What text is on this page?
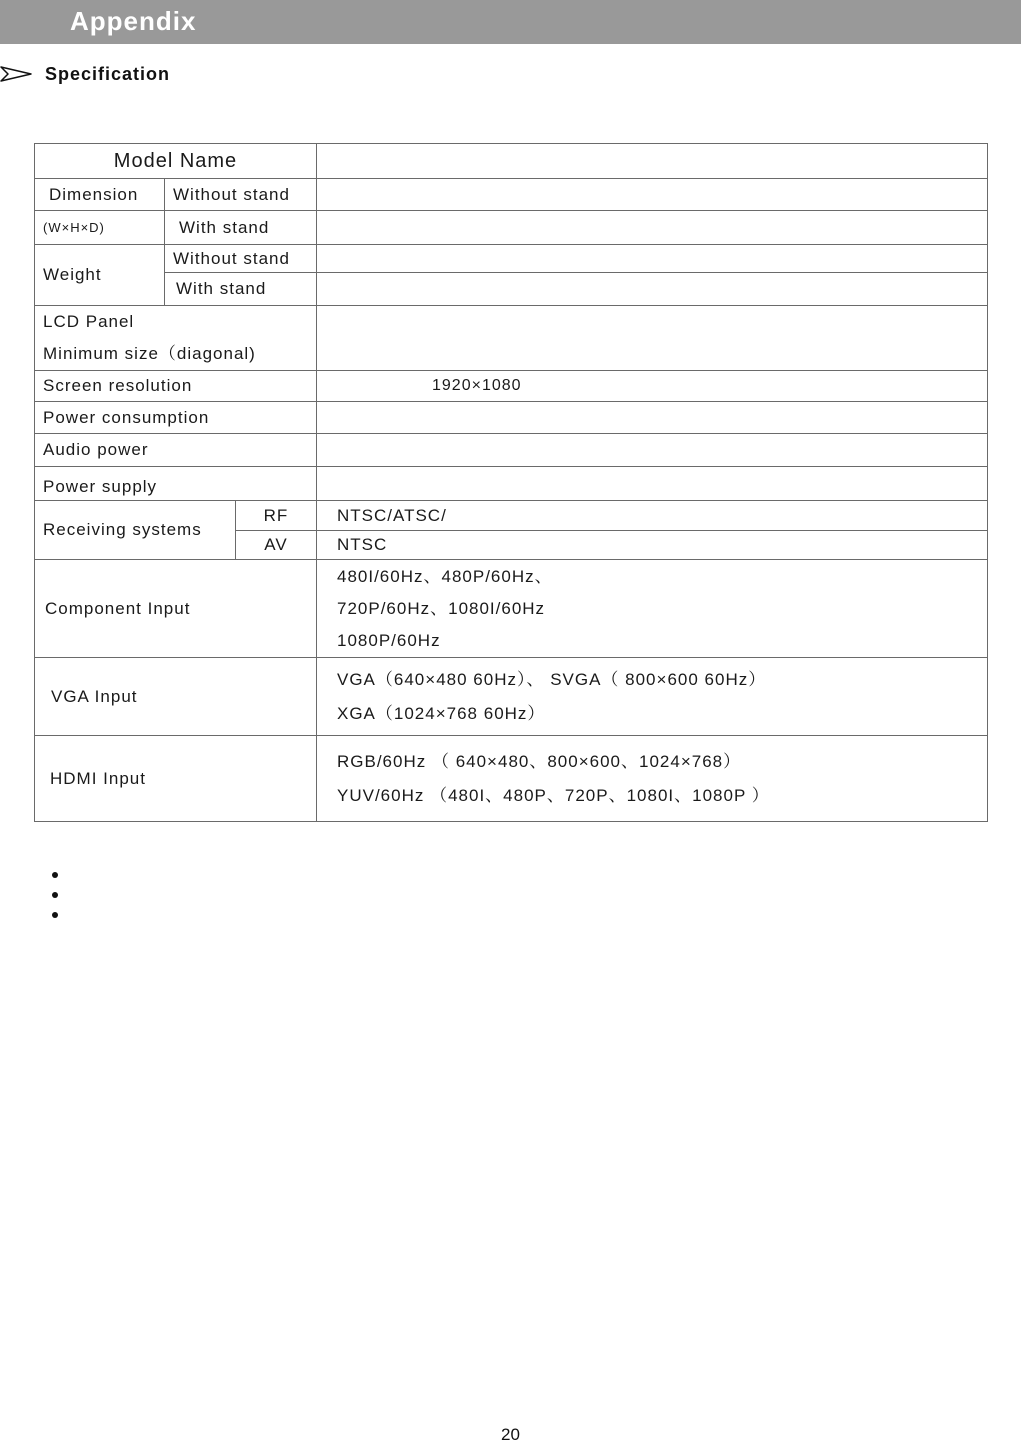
Appendix
Specification
Model Name			
Dimension	Without stand		
(W×H×D)	With stand		
Weight	Without stand		
	With stand		

LCD Panel
Minimum size（diagonal)			

Screen resolution			1920×1080
Power consumption			
Audio power			
Power supply			
Receiving systems		RF	NTSC/ATSC/
		AV	NTSC
Component Input			480I/60Hz、480P/60Hz、
720P/60Hz、1080I/60Hz
1080P/60Hz

VGA Input			VGA（640×480 60Hz）、 SVGA（ 800×600 60Hz）
XGA（1024×768 60Hz）

HDMI Input			RGB/60Hz （ 640×480、800×600、1024×768）
YUV/60Hz （480I、480P、720P、1080I、1080P ）
20
